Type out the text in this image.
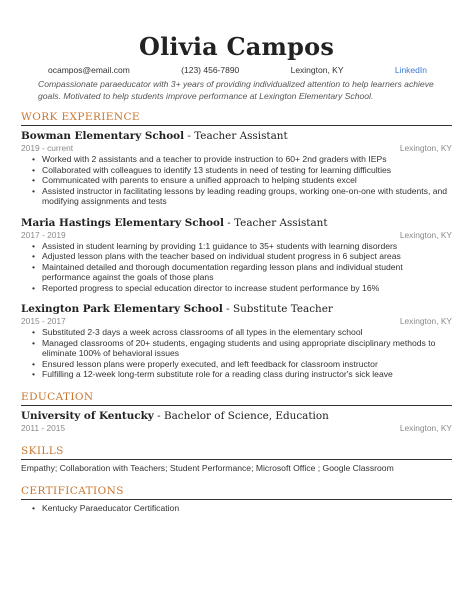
Olivia Campos
ocampos@email.com	(123) 456-7890	Lexington, KY	LinkedIn
Compassionate paraeducator with 3+ years of providing individualized attention to help learners achieve goals. Motivated to help students improve performance at Lexington Elementary School.
WORK EXPERIENCE
Bowman Elementary School - Teacher Assistant
2019 - current	Lexington, KY
• Worked with 2 assistants and a teacher to provide instruction to 60+ 2nd graders with IEPs
• Collaborated with colleagues to identify 13 students in need of testing for learning difficulties
• Communicated with parents to ensure a unified approach to helping students excel
• Assisted instructor in facilitating lessons by leading reading groups, working one-on-one with students, and modifying assignments and tests
Maria Hastings Elementary School - Teacher Assistant
2017 - 2019	Lexington, KY
• Assisted in student learning by providing 1:1 guidance to 35+ students with learning disorders
• Adjusted lesson plans with the teacher based on individual student progress in 6 subject areas
• Maintained detailed and thorough documentation regarding lesson plans and individual student performance against the goals of those plans
• Reported progress to special education director to increase student performance by 16%
Lexington Park Elementary School - Substitute Teacher
2015 - 2017	Lexington, KY
• Substituted 2-3 days a week across classrooms of all types in the elementary school
• Managed classrooms of 20+ students, engaging students and using appropriate disciplinary methods to eliminate 100% of behavioral issues
• Ensured lesson plans were properly executed, and left feedback for classroom instructor
• Fulfilling a 12-week long-term substitute role for a reading class during instructor's sick leave
EDUCATION
University of Kentucky - Bachelor of Science, Education
2011 - 2015	Lexington, KY
SKILLS
Empathy; Collaboration with Teachers; Student Performance; Microsoft Office ; Google Classroom
CERTIFICATIONS
• Kentucky Paraeducator Certification
